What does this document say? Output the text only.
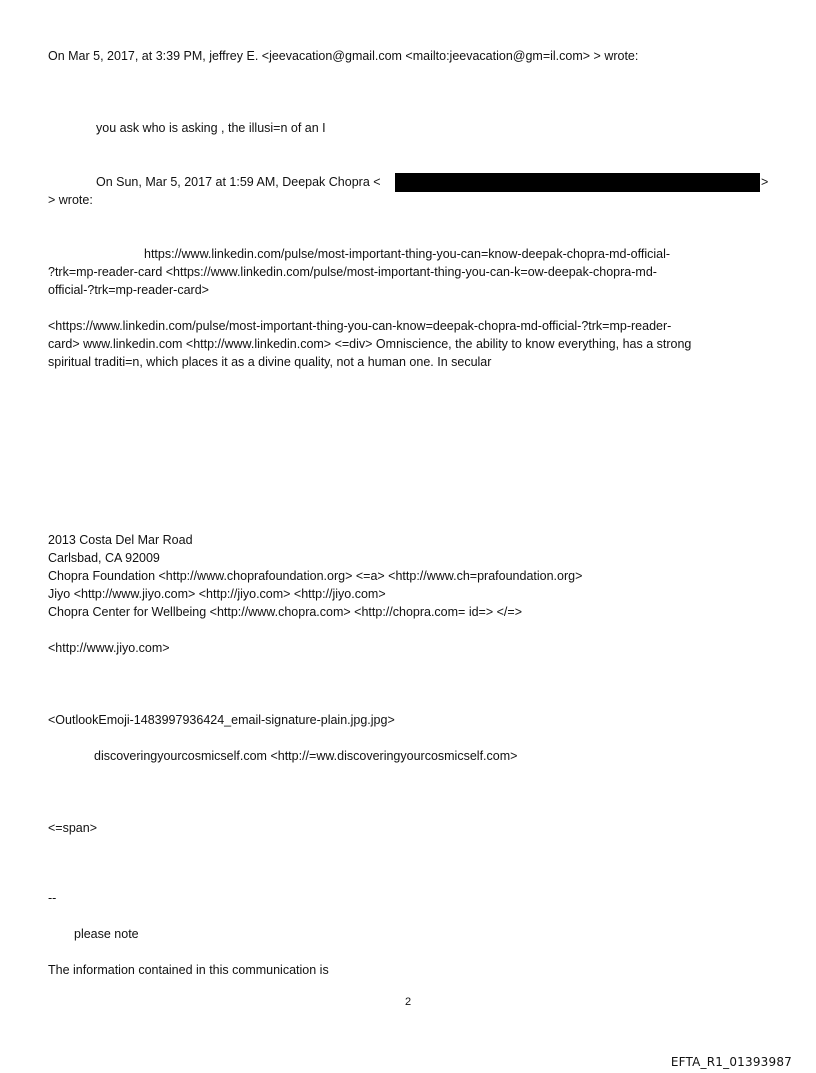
On Mar 5, 2017, at 3:39 PM, jeffrey E. <jeevacation@gmail.com <mailto:jeevacation@gm=il.com> > wrote:
you ask who is asking , the illusi=n of an I
On Sun, Mar 5, 2017 at 1:59 AM, Deepak Chopra <	>
> wrote:
https://www.linkedin.com/pulse/most-important-thing-you-can=know-deepak-chopra-md-official-
?trk=mp-reader-card <https://www.linkedin.com/pulse/most-important-thing-you-can-k=ow-deepak-chopra-md-
official-?trk=mp-reader-card>
<https://www.linkedin.com/pulse/most-important-thing-you-can-know=deepak-chopra-md-official-?trk=mp-reader-
card> www.linkedin.com <http://www.linkedin.com> <=div> Omniscience, the ability to know everything, has a strong
spiritual traditi=n, which places it as a divine quality, not a human one. In secular
2013 Costa Del Mar Road
Carlsbad, CA 92009
Chopra Foundation <http://www.choprafoundation.org> <=a> <http://www.ch=prafoundation.org>
Jiyo <http://www.jiyo.com> <http://jiyo.com> <http://jiyo.com>
Chopra Center for Wellbeing <http://www.chopra.com> <http://chopra.com= id=> </=>
<http://www.jiyo.com>
<OutlookEmoji-1483997936424_email-signature-plain.jpg.jpg>
discoveringyourcosmicself.com <http://=ww.discoveringyourcosmicself.com>
<=span>
--
please note
The information contained in this communication is
2
EFTA_R1_01393987
